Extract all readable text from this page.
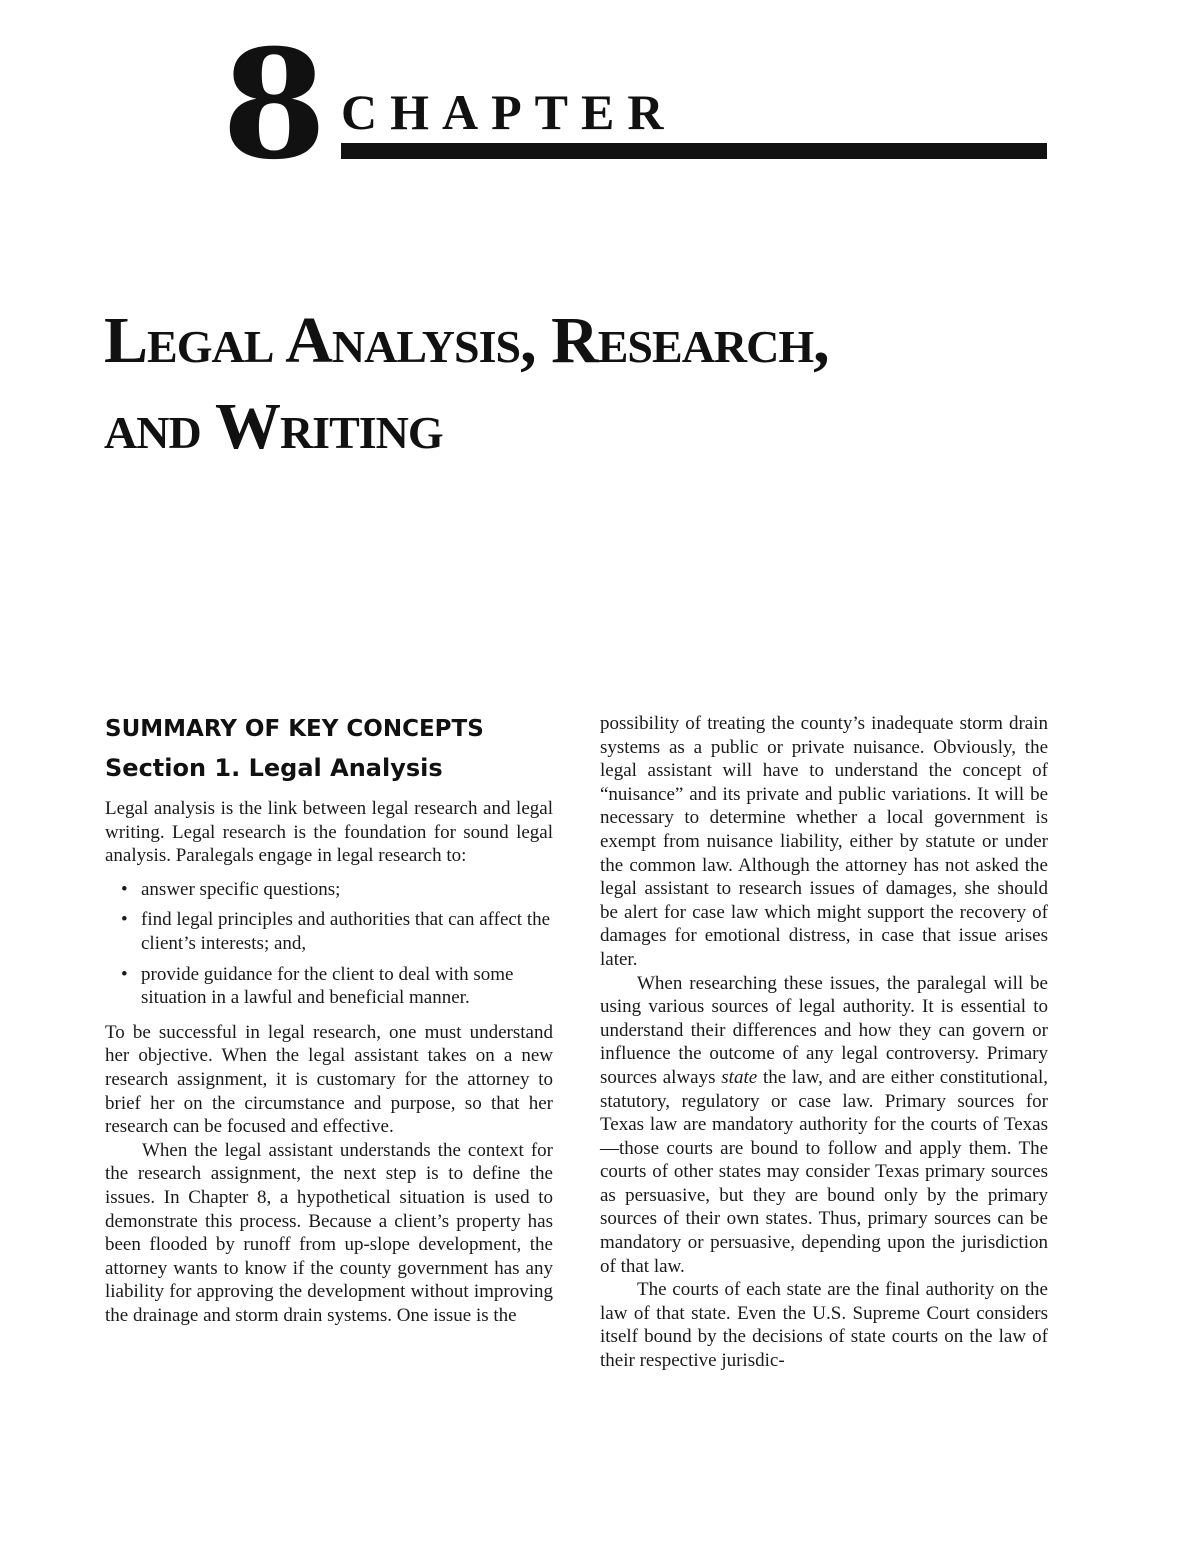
8 CHAPTER
Legal Analysis, Research,
and Writing
SUMMARY OF KEY CONCEPTS
Section 1. Legal Analysis

Legal analysis is the link between legal research and legal writing. Legal research is the foundation for sound legal analysis. Paralegals engage in legal research to:

• answer specific questions;
• find legal principles and authorities that can affect the client’s interests; and,
• provide guidance for the client to deal with some situation in a lawful and beneficial manner.

To be successful in legal research, one must understand her objective. When the legal assistant takes on a new research assignment, it is customary for the attorney to brief her on the circumstance and purpose, so that her research can be focused and effective.

When the legal assistant understands the context for the research assignment, the next step is to define the issues. In Chapter 8, a hypothetical situation is used to demonstrate this process. Because a client’s property has been flooded by runoff from up-slope development, the attorney wants to know if the county government has any liability for approving the development without improving the drainage and storm drain systems. One issue is the

possibility of treating the county’s inadequate storm drain systems as a public or private nuisance. Obviously, the legal assistant will have to understand the concept of “nuisance” and its private and public variations. It will be necessary to determine whether a local government is exempt from nuisance liability, either by statute or under the common law. Although the attorney has not asked the legal assistant to research issues of damages, she should be alert for case law which might support the recovery of damages for emotional distress, in case that issue arises later.

When researching these issues, the paralegal will be using various sources of legal authority. It is essential to understand their differences and how they can govern or influence the outcome of any legal controversy. Primary sources always state the law, and are either constitutional, statutory, regulatory or case law. Primary sources for Texas law are mandatory authority for the courts of Texas—those courts are bound to follow and apply them. The courts of other states may consider Texas primary sources as persuasive, but they are bound only by the primary sources of their own states. Thus, primary sources can be mandatory or persuasive, depending upon the jurisdiction of that law.

The courts of each state are the final authority on the law of that state. Even the U.S. Supreme Court considers itself bound by the decisions of state courts on the law of their respective jurisdic-
